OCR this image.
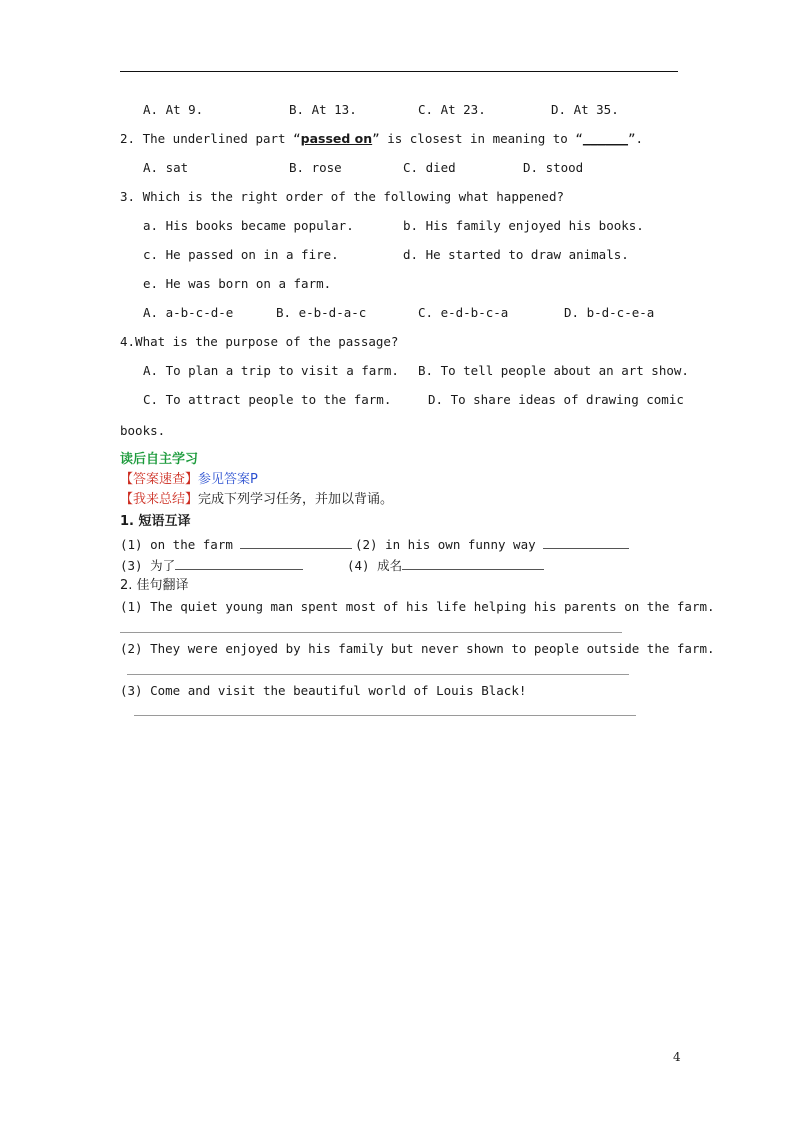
A. At 9.	B. At 13.	C. At 23.	D. At 35.
2. The underlined part “passed on” is closest in meaning to “______”.
A. sat	B. rose	C. died	D. stood
3. Which is the right order of the following what happened?
a. His books became popular.	b. His family enjoyed his books.
c. He passed on in a fire.	d. He started to draw animals.
e. He was born on a farm.
A. a-b-c-d-e	B. e-b-d-a-c	C. e-d-b-c-a	D. b-d-c-e-a
4.What is the purpose of the passage?
A. To plan a trip to visit a farm. B. To tell people about an art show.
C. To attract people to the farm.	D. To share ideas of drawing comic
books.
读后自主学习
【答案速查】参见答案P
【我来总结】完成下列学习任务，并加以背诵。
1. 短语互译
(1) on the farm	(2) in his own funny way
(3) 为了	(4) 成名
2. 佳句翻译
(1) The quiet young man spent most of his life helping his parents on the farm.
(2) They were enjoyed by his family but never shown to people outside the farm.
(3) Come and visit the beautiful world of Louis Black!
4
